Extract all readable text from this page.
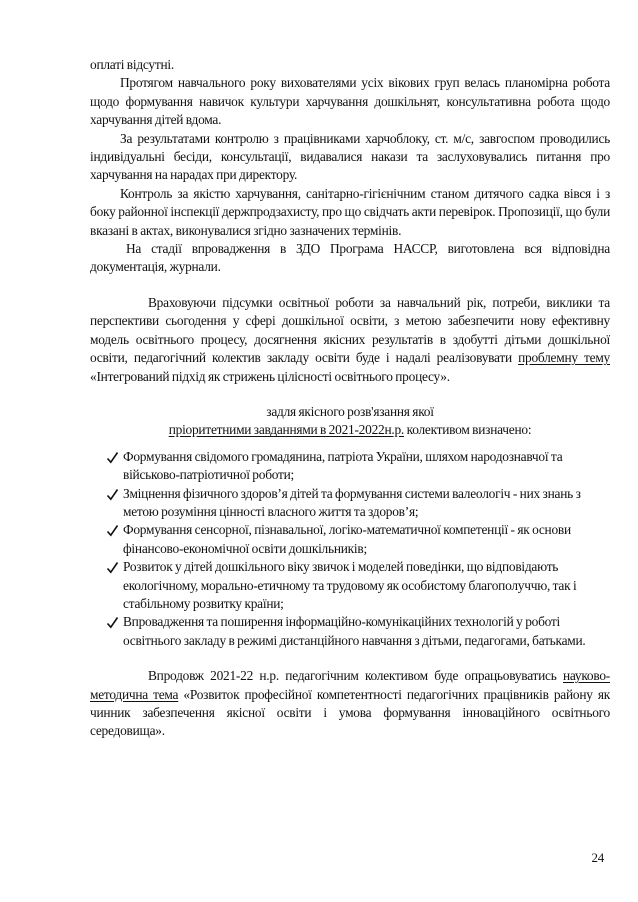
оплаті відсутні.

Протягом навчального року вихователями усіх вікових груп велась планомірна робота щодо формування навичок культури харчування дошкільнят, консультативна робота щодо харчування дітей вдома.

За результатами контролю з працівниками харчоблоку, ст. м/с, завгоспом проводились індивідуальні бесіди, консультації, видавалися накази та заслуховувались питання про харчування на нарадах при директору.

Контроль за якістю харчування, санітарно-гігієнічним станом дитячого садка вівся і з боку районної інспекції держпродзахисту, про що свідчать акти перевірок. Пропозиції, що були вказані в актах, виконувалися згідно зазначених термінів.

На стадії впровадження в ЗДО Програма НАССР, виготовлена вся відповідна документація, журнали.

Враховуючи підсумки освітньої роботи за навчальний рік, потреби, виклики та перспективи сьогодення у сфері дошкільної освіти, з метою забезпечити нову ефективну модель освітнього процесу, досягнення якісних результатів в здобутті дітьми дошкільної освіти, педагогічний колектив закладу освіти буде і надалі реалізовувати проблемну тему «Інтегрований підхід як стрижень цілісності освітнього процесу».

задля якісного розв'язання якої

пріоритетними завданнями в 2021-2022н.р. колективом визначено:

Формування свідомого громадянина, патріота України, шляхом народознавчої та військово-патріотичної роботи;
Зміцнення фізичного здоров’я дітей та формування системи валеологіч - них знань з метою розуміння цінності власного життя та здоров’я;
Формування сенсорної, пізнавальної, логіко-математичної компетенції - як основи фінансово-економічної освіти дошкільників;
Розвиток у дітей дошкільного віку звичок і моделей поведінки, що відповідають екологічному, морально-етичному та трудовому як особистому благополуччю, так і стабільному розвитку країни;
Впровадження та поширення інформаційно-комунікаційних технологій у роботі освітнього закладу в режимі дистанційного навчання з дітьми, педагогами, батьками.

Впродовж 2021-22 н.р. педагогічним колективом буде опрацьовуватись науково-методична тема «Розвиток професійної компетентності педагогічних працівників району як чинник забезпечення якісної освіти і умова формування інноваційного освітнього середовища».

24
